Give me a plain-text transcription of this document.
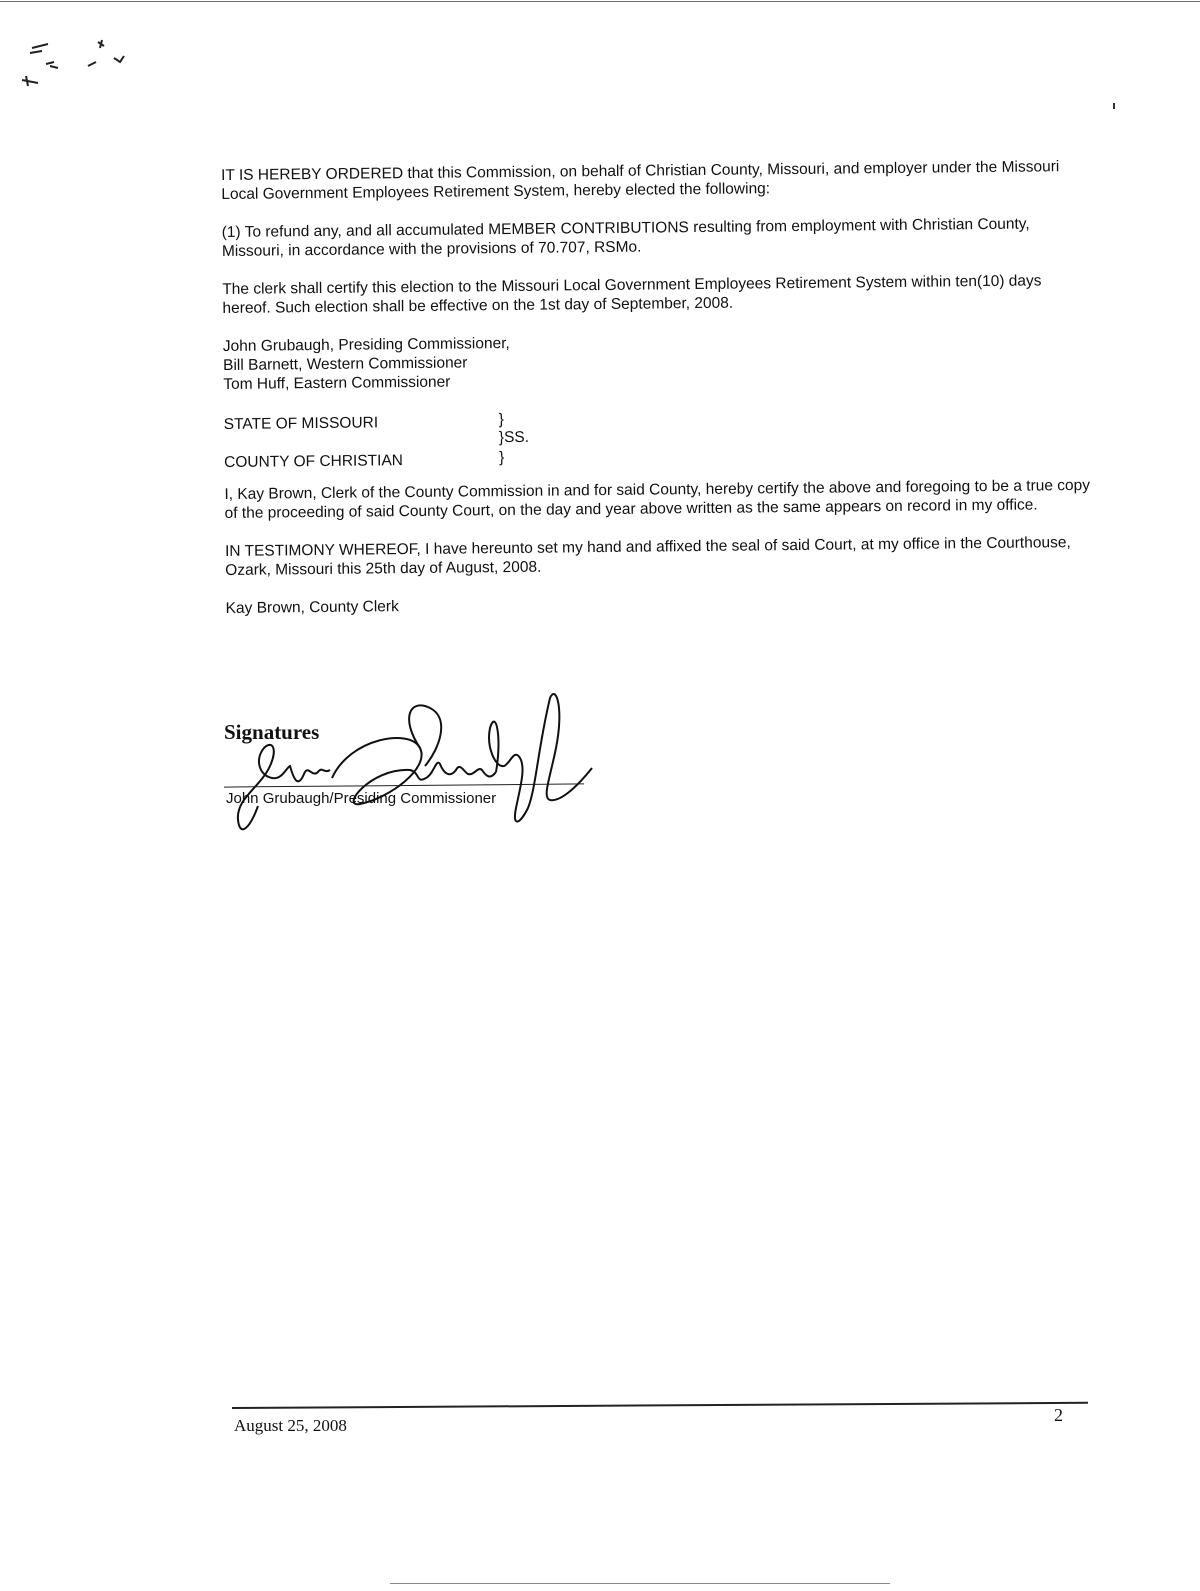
IT IS HEREBY ORDERED that this Commission, on behalf of Christian County, Missouri, and employer under the Missouri Local Government Employees Retirement System, hereby elected the following:

(1) To refund any, and all accumulated MEMBER CONTRIBUTIONS resulting from employment with Christian County, Missouri, in accordance with the provisions of 70.707, RSMo.

The clerk shall certify this election to the Missouri Local Government Employees Retirement System within ten(10) days hereof. Such election shall be effective on the 1st day of September, 2008.

John Grubaugh, Presiding Commissioner,
Bill Barnett, Western Commissioner
Tom Huff, Eastern Commissioner
STATE OF MISSOURI	}
}SS.
}
COUNTY OF CHRISTIAN

I, Kay Brown, Clerk of the County Commission in and for said County, hereby certify the above and foregoing to be a true copy of the proceeding of said County Court, on the day and year above written as the same appears on record in my office.

IN TESTIMONY WHEREOF, I have hereunto set my hand and affixed the seal of said Court, at my office in the Courthouse, Ozark, Missouri this 25th day of August, 2008.

Kay Brown, County Clerk
Signatures
John Grubaugh/Presiding Commissioner
August 25, 2008
2
